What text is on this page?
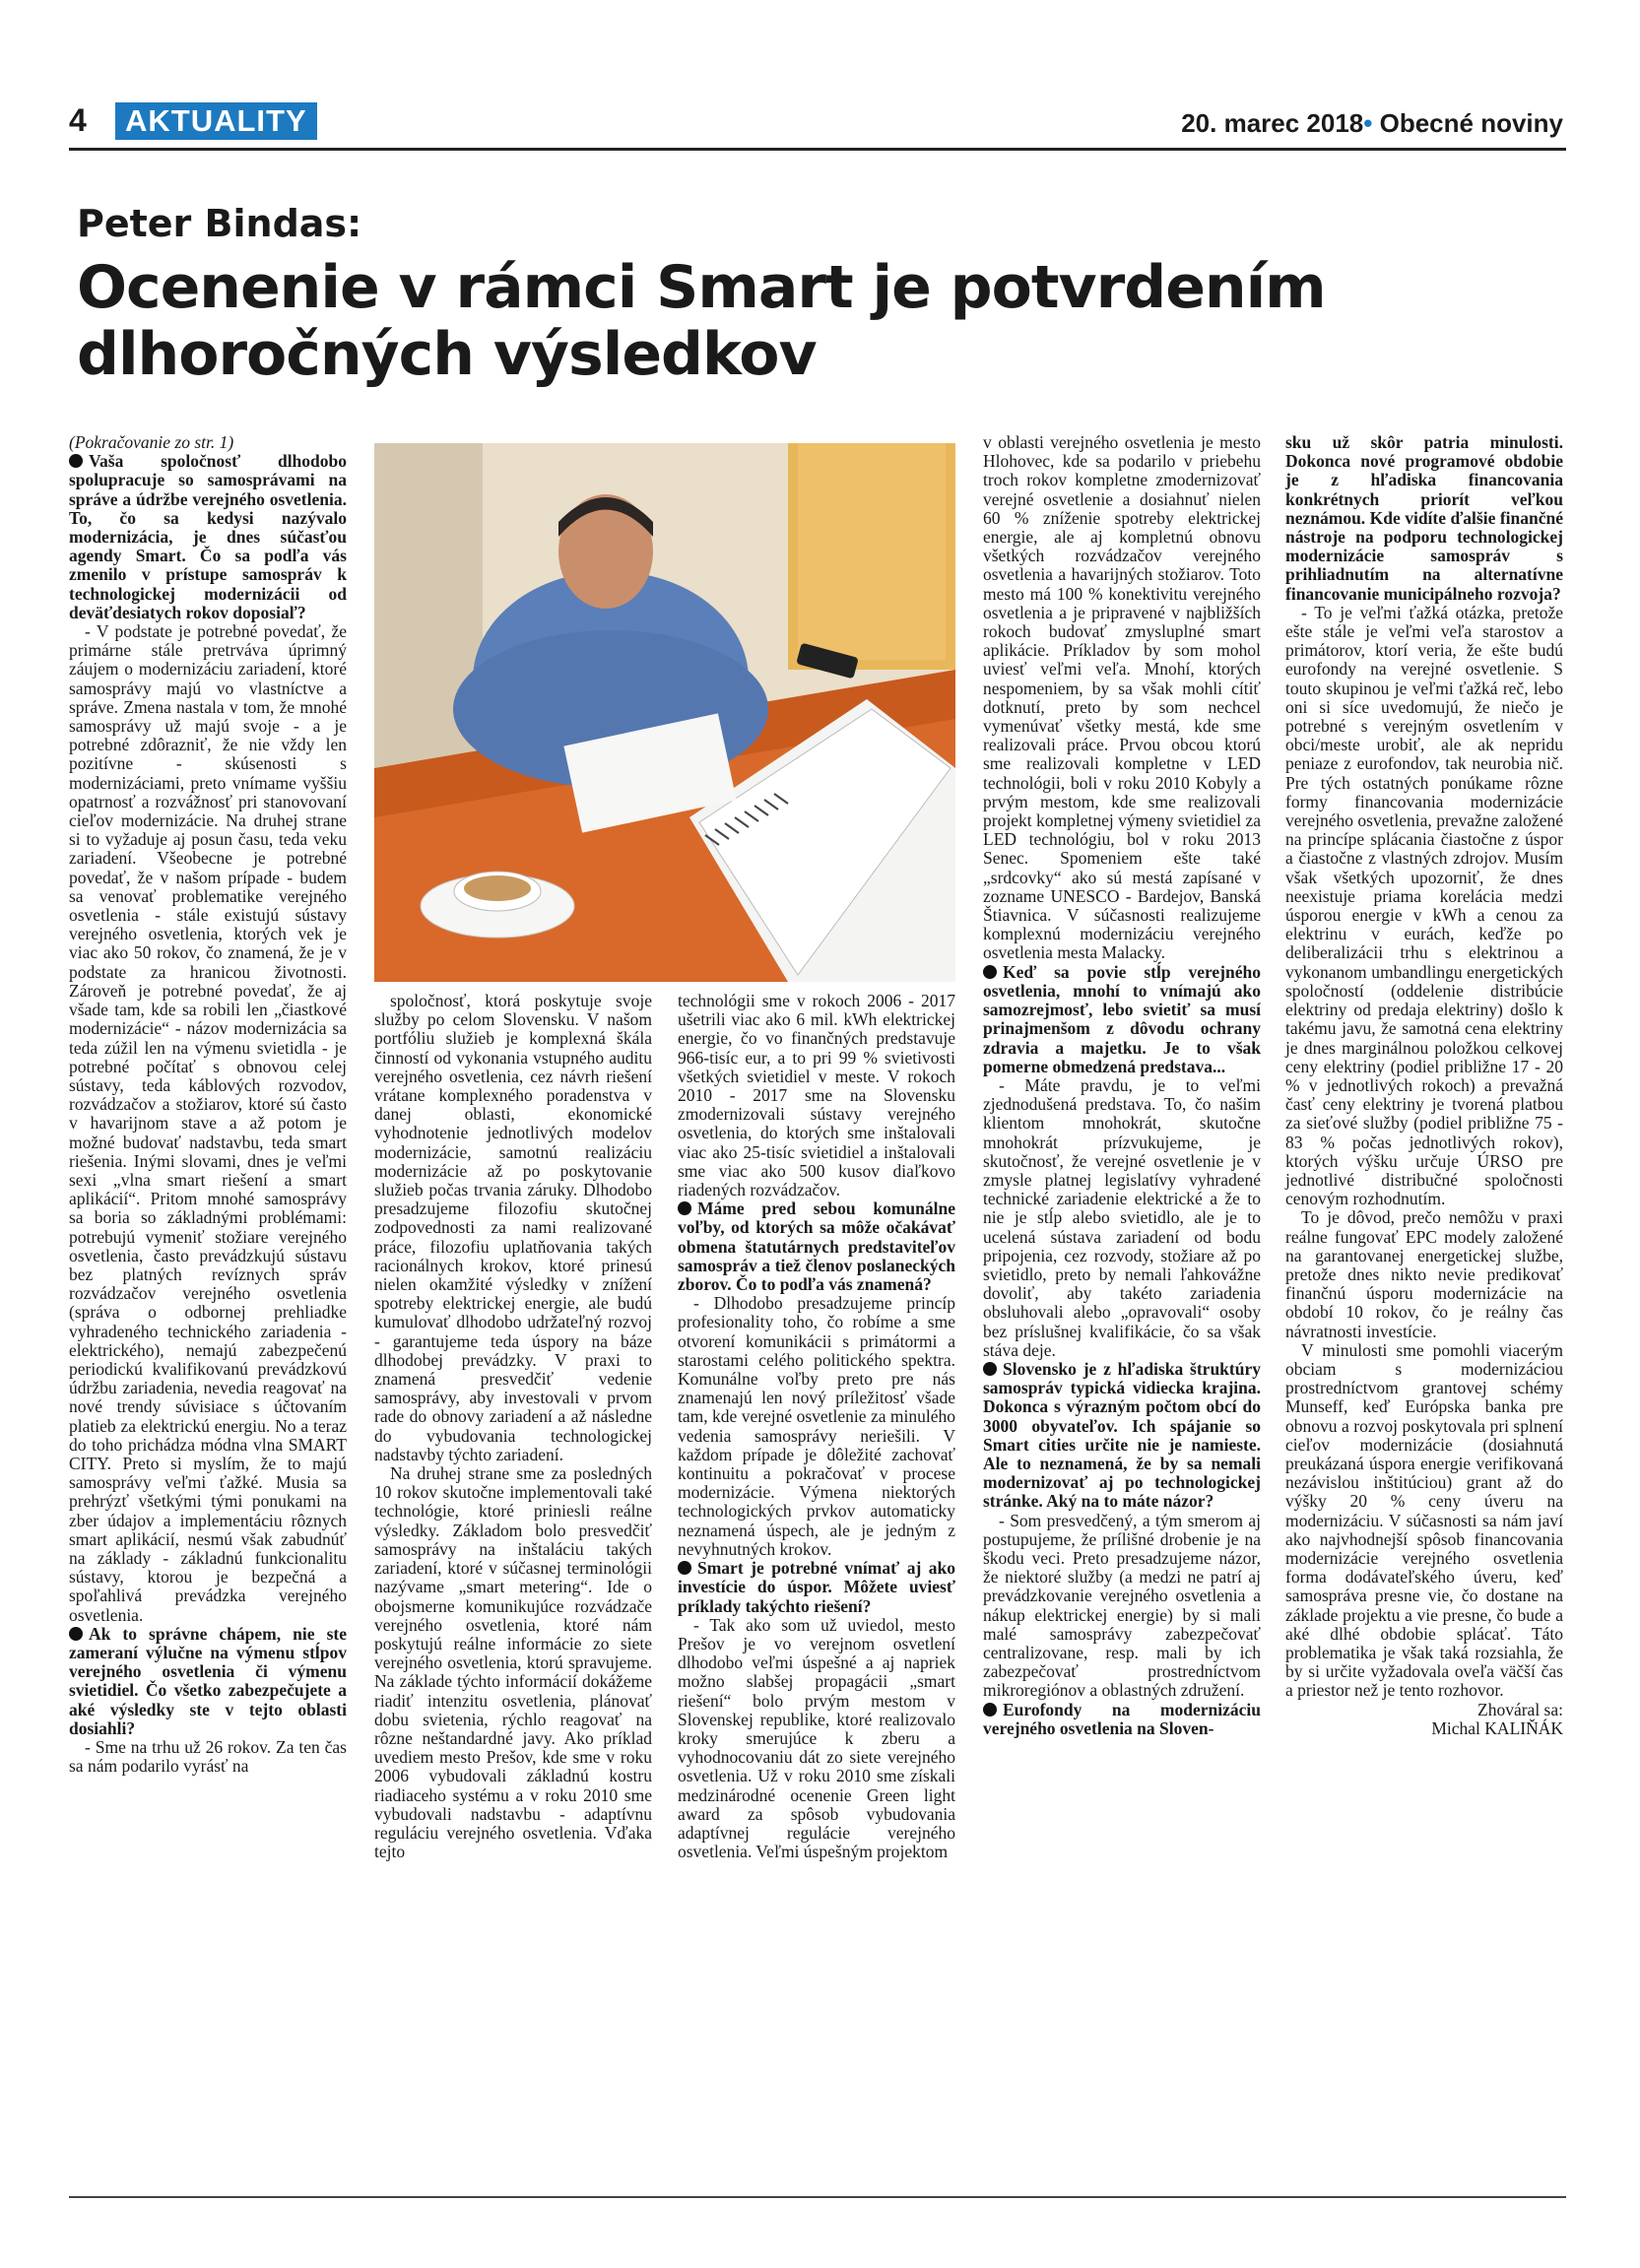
4	AKTUALITY	20. marec 2018• Obecné noviny
Peter Bindas:
Ocenenie v rámci Smart je potvrdením dlhoročných výsledkov

(Pokračovanie zo str. 1)

Vaša spoločnosť dlhodobo spolupracuje so samosprávami na správe a údržbe verejného osvetlenia. To, čo sa kedysi nazývalo modernizácia, je dnes súčasťou agendy Smart. Čo sa podľa vás zmenilo v prístupe samospráv k technologickej modernizácii od deväťdesiatych rokov doposiaľ?

- V podstate je potrebné povedať, že primárne stále pretrváva úprimný záujem o modernizáciu zariadení, ktoré samosprávy majú vo vlastníctve a správe. Zmena nastala v tom, že mnohé samosprávy už majú svoje - a je potrebné zdôrazniť, že nie vždy len pozitívne - skúsenosti s modernizáciami, preto vnímame vyššiu opatrnosť a rozvážnosť pri stanovovaní cieľov modernizácie. Na druhej strane si to vyžaduje aj posun času, teda veku zariadení. Všeobecne je potrebné povedať, že v našom prípade - budem sa venovať problematike verejného osvetlenia - stále existujú sústavy verejného osvetlenia, ktorých vek je viac ako 50 rokov, čo znamená, že je v podstate za hranicou životnosti. Zároveň je potrebné povedať, že aj všade tam, kde sa robili len „čiastkové modernizácie“ - názov modernizácia sa teda zúžil len na výmenu svietidla - je potrebné počítať s obnovou celej sústavy, teda káblových rozvodov, rozvádzačov a stožiarov, ktoré sú často v havarijnom stave a až potom je možné budovať nadstavbu, teda smart riešenia. Inými slovami, dnes je veľmi sexi „vlna smart riešení a smart aplikácií“. Pritom mnohé samosprávy sa boria so základnými problémami: potrebujú vymeniť stožiare verejného osvetlenia, často prevádzkujú sústavu bez platných revíznych správ rozvádzačov verejného osvetlenia (správa o odbornej prehliadke vyhradeného technického zariadenia - elektrického), nemajú zabezpečenú periodickú kvalifikovanú prevádzkovú údržbu zariadenia, nevedia reagovať na nové trendy súvisiace s účtovaním platieb za elektrickú energiu. No a teraz do toho prichádza módna vlna SMART CITY. Preto si myslím, že to majú samosprávy veľmi ťažké. Musia sa prehrýzť všetkými tými ponukami na zber údajov a implementáciu rôznych smart aplikácií, nesmú však zabudnúť na základy - základnú funkcionalitu sústavy, ktorou je bezpečná a spoľahlivá prevádzka verejného osvetlenia.

Ak to správne chápem, nie ste zameraní výlučne na výmenu stĺpov verejného osvetlenia či výmenu svietidiel. Čo všetko zabezpečujete a aké výsledky ste v tejto oblasti dosiahli?

- Sme na trhu už 26 rokov. Za ten čas sa nám podarilo vyrásť na

spoločnosť, ktorá poskytuje svoje služby po celom Slovensku. V našom portfóliu služieb je komplexná škála činností od vykonania vstupného auditu verejného osvetlenia, cez návrh riešení vrátane komplexného poradenstva v danej oblasti, ekonomické vyhodnotenie jednotlivých modelov modernizácie, samotnú realizáciu modernizácie až po poskytovanie služieb počas trvania záruky. Dlhodobo presadzujeme filozofiu skutočnej zodpovednosti za nami realizované práce, filozofiu uplatňovania takých racionálnych krokov, ktoré prinesú nielen okamžité výsledky v znížení spotreby elektrickej energie, ale budú kumulovať dlhodobo udržateľný rozvoj - garantujeme teda úspory na báze dlhodobej prevádzky. V praxi to znamená presvedčiť vedenie samosprávy, aby investovali v prvom rade do obnovy zariadení a až následne do vybudovania technologickej nadstavby týchto zariadení.

Na druhej strane sme za posledných 10 rokov skutočne implementovali také technológie, ktoré priniesli reálne výsledky. Základom bolo presvedčiť samosprávy na inštaláciu takých zariadení, ktoré v súčasnej terminológii nazývame „smart metering“. Ide o obojsmerne komunikujúce rozvádzače verejného osvetlenia, ktoré nám poskytujú reálne informácie zo siete verejného osvetlenia, ktorú spravujeme. Na základe týchto informácií dokážeme riadiť intenzitu osvetlenia, plánovať dobu svietenia, rýchlo reagovať na rôzne neštandardné javy. Ako príklad uvediem mesto Prešov, kde sme v roku 2006 vybudovali základnú kostru riadiaceho systému a v roku 2010 sme vybudovali nadstavbu - adaptívnu reguláciu verejného osvetlenia. Vďaka tejto

technológii sme v rokoch 2006 - 2017 ušetrili viac ako 6 mil. kWh elektrickej energie, čo vo finančných predstavuje 966-tisíc eur, a to pri 99 % svietivosti všetkých svietidiel v meste. V rokoch 2010 - 2017 sme na Slovensku zmodernizovali sústavy verejného osvetlenia, do ktorých sme inštalovali viac ako 25-tisíc svietidiel a inštalovali sme viac ako 500 kusov diaľkovo riadených rozvádzačov.

Máme pred sebou komunálne voľby, od ktorých sa môže očakávať obmena štatutárnych predstaviteľov samospráv a tiež členov poslaneckých zborov. Čo to podľa vás znamená?

- Dlhodobo presadzujeme princíp profesionality toho, čo robíme a sme otvorení komunikácii s primátormi a starostami celého politického spektra. Komunálne voľby preto pre nás znamenajú len nový príležitosť všade tam, kde verejné osvetlenie za minulého vedenia samosprávy neriešili. V každom prípade je dôležité zachovať kontinuitu a pokračovať v procese modernizácie. Výmena niektorých technologických prvkov automaticky neznamená úspech, ale je jedným z nevyhnutných krokov.

Smart je potrebné vnímať aj ako investície do úspor. Môžete uviesť príklady takýchto riešení?

- Tak ako som už uviedol, mesto Prešov je vo verejnom osvetlení dlhodobo veľmi úspešné a aj napriek možno slabšej propagácii „smart riešení“ bolo prvým mestom v Slovenskej republike, ktoré realizovalo kroky smerujúce k zberu a vyhodnocovaniu dát zo siete verejného osvetlenia. Už v roku 2010 sme získali medzinárodné ocenenie Green light award za spôsob vybudovania adaptívnej regulácie verejného osvetlenia. Veľmi úspešným projektom

v oblasti verejného osvetlenia je mesto Hlohovec, kde sa podarilo v priebehu troch rokov kompletne zmodernizovať verejné osvetlenie a dosiahnuť nielen 60 % zníženie spotreby elektrickej energie, ale aj kompletnú obnovu všetkých rozvádzačov verejného osvetlenia a havarijných stožiarov. Toto mesto má 100 % konektivitu verejného osvetlenia a je pripravené v najbližších rokoch budovať zmysluplné smart aplikácie. Príkladov by som mohol uviesť veľmi veľa. Mnohí, ktorých nespomeniem, by sa však mohli cítiť dotknutí, preto by som nechcel vymenúvať všetky mestá, kde sme realizovali práce. Prvou obcou ktorú sme realizovali kompletne v LED technológii, boli v roku 2010 Kobyly a prvým mestom, kde sme realizovali projekt kompletnej výmeny svietidiel za LED technológiu, bol v roku 2013 Senec. Spomeniem ešte také „srdcovky“ ako sú mestá zapísané v zozname UNESCO - Bardejov, Banská Štiavnica. V súčasnosti realizujeme komplexnú modernizáciu verejného osvetlenia mesta Malacky.

Keď sa povie stĺp verejného osvetlenia, mnohí to vnímajú ako samozrejmosť, lebo svietiť sa musí prinajmenšom z dôvodu ochrany zdravia a majetku. Je to však pomerne obmedzená predstava...

- Máte pravdu, je to veľmi zjednodušená predstava. To, čo našim klientom mnohokrát, skutočne mnohokrát prízvukujeme, je skutočnosť, že verejné osvetlenie je v zmysle platnej legislatívy vyhradené technické zariadenie elektrické a že to nie je stĺp alebo svietidlo, ale je to ucelená sústava zariadení od bodu pripojenia, cez rozvody, stožiare až po svietidlo, preto by nemali ľahkovážne dovoliť, aby takéto zariadenia obsluhovali alebo „opravovali“ osoby bez príslušnej kvalifikácie, čo sa však stáva deje.

Slovensko je z hľadiska štruktúry samospráv typická vidiecka krajina. Dokonca s výrazným počtom obcí do 3000 obyvateľov. Ich spájanie so Smart cities určite nie je namieste. Ale to neznamená, že by sa nemali modernizovať aj po technologickej stránke. Aký na to máte názor?

- Som presvedčený, a tým smerom aj postupujeme, že prílišné drobenie je na škodu veci. Preto presadzujeme názor, že niektoré služby (a medzi ne patrí aj prevádzkovanie verejného osvetlenia a nákup elektrickej energie) by si mali malé samosprávy zabezpečovať centralizovane, resp. mali by ich zabezpečovať prostredníctvom mikroregiónov a oblastných združení.

Eurofondy na modernizáciu verejného osvetlenia na Sloven-

sku už skôr patria minulosti. Dokonca nové programové obdobie je z hľadiska financovania konkrétnych priorít veľkou neznámou. Kde vidíte ďalšie finančné nástroje na podporu technologickej modernizácie samospráv s prihliadnutím na alternatívne financovanie municipálneho rozvoja?

- To je veľmi ťažká otázka, pretože ešte stále je veľmi veľa starostov a primátorov, ktorí veria, že ešte budú eurofondy na verejné osvetlenie. S touto skupinou je veľmi ťažká reč, lebo oni si síce uvedomujú, že niečo je potrebné s verejným osvetlením v obci/meste urobiť, ale ak nepridu peniaze z eurofondov, tak neurobia nič. Pre tých ostatných ponúkame rôzne formy financovania modernizácie verejného osvetlenia, prevažne založené na princípe splácania čiastočne z úspor a čiastočne z vlastných zdrojov. Musím však všetkých upozorniť, že dnes neexistuje priama korelácia medzi úsporou energie v kWh a cenou za elektrinu v eurách, keďže po deliberalizácii trhu s elektrinou a vykonanom umbandlingu energetických spoločností (oddelenie distribúcie elektriny od predaja elektriny) došlo k takému javu, že samotná cena elektriny je dnes marginálnou položkou celkovej ceny elektriny (podiel približne 17 - 20 % v jednotlivých rokoch) a prevažná časť ceny elektriny je tvorená platbou za sieťové služby (podiel približne 75 - 83 % počas jednotlivých rokov), ktorých výšku určuje ÚRSO pre jednotlivé distribučné spoločnosti cenovým rozhodnutím.

To je dôvod, prečo nemôžu v praxi reálne fungovať EPC modely založené na garantovanej energetickej službe, pretože dnes nikto nevie predikovať finančnú úsporu modernizácie na období 10 rokov, čo je reálny čas návratnosti investície.

V minulosti sme pomohli viacerým obciam s modernizáciou prostredníctvom grantovej schémy Munseff, keď Európska banka pre obnovu a rozvoj poskytovala pri splnení cieľov modernizácie (dosiahnutá preukázaná úspora energie verifikovaná nezávislou inštitúciou) grant až do výšky 20 % ceny úveru na modernizáciu. V súčasnosti sa nám javí ako najvhodnejší spôsob financovania modernizácie verejného osvetlenia forma dodávateľského úveru, keď samospráva presne vie, čo dostane na základe projektu a vie presne, čo bude a aké dlhé obdobie splácať. Táto problematika je však taká rozsiahla, že by si určite vyžadovala oveľa väčší čas a priestor než je tento rozhovor.

Zhováral sa:

Michal KALIŇÁK
